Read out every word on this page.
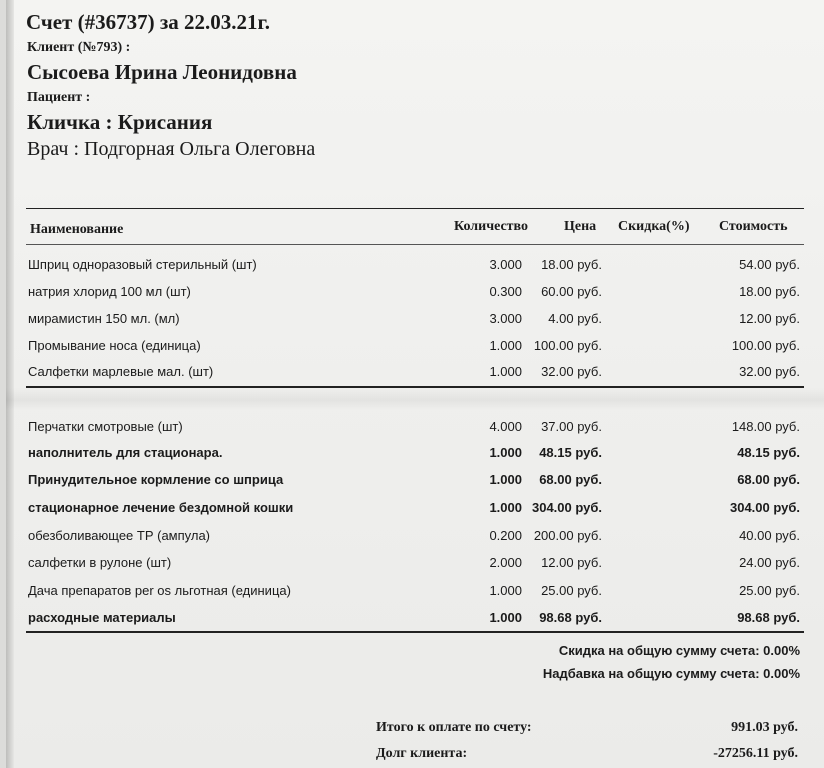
Счет (#36737) за 22.03.21г.
Клиент (№793) :
Сысоева Ирина Леонидовна
Пациент :
Кличка : Крисания
Врач : Подгорная Ольга Олеговна
Наименование	Количество	Цена Скидка(%) Стоимость
Шприц одноразовый стерильный (шт)	3.000 18.00 руб.	54.00 руб.
натрия хлорид 100 мл (шт)	0.300 60.00 руб.	18.00 руб.
мирамистин 150 мл. (мл)	3.000 4.00 руб.	12.00 руб.
Промывание носа (единица)	1.000 100.00 руб.	100.00 руб.
Салфетки марлевые мал. (шт)	1.000 32.00 руб.	32.00 руб.
Перчатки смотровые (шт)	4.000 37.00 руб.	148.00 руб.
наполнитель для стационара.	1.000 48.15 руб.	48.15 руб.
Принудительное кормление со шприца	1.000 68.00 руб.	68.00 руб.
стационарное лечение бездомной кошки	1.000 304.00 руб.	304.00 руб.
обезболивающее ТР (ампула)	0.200 200.00 руб.	40.00 руб.
салфетки в рулоне (шт)	2.000 12.00 руб.	24.00 руб.
Дача препаратов per os льготная (единица)	1.000 25.00 руб.	25.00 руб.
расходные материалы	1.000 98.68 руб.	98.68 руб.
Скидка на общую сумму счета: 0.00%
Надбавка на общую сумму счета: 0.00%
Итого к оплате по счету:	991.03 руб.
Долг клиента:	-27256.11 руб.
